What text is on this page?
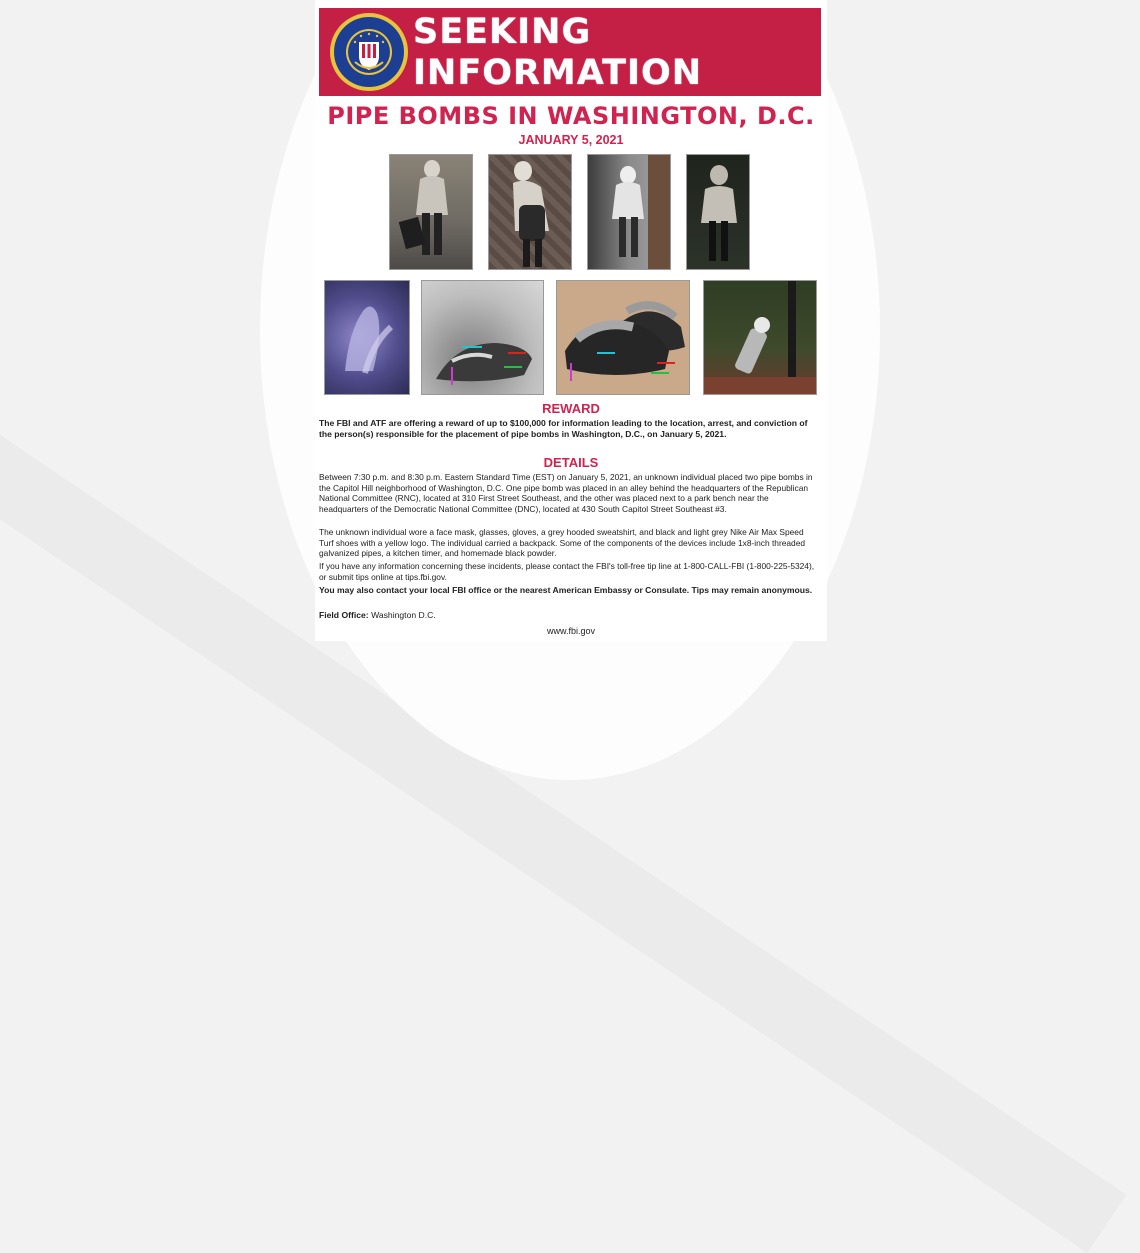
SEEKING
INFORMATION
PIPE BOMBS IN WASHINGTON, D.C.
JANUARY 5, 2021
REWARD
The FBI and ATF are offering a reward of up to $100,000 for information leading to the location, arrest, and conviction of the person(s) responsible for the placement of pipe bombs in Washington, D.C., on January 5, 2021.
DETAILS
Between 7:30 p.m. and 8:30 p.m. Eastern Standard Time (EST) on January 5, 2021, an unknown individual placed two pipe bombs in the Capitol Hill neighborhood of Washington, D.C. One pipe bomb was placed in an alley behind the headquarters of the Republican National Committee (RNC), located at 310 First Street Southeast, and the other was placed next to a park bench near the headquarters of the Democratic National Committee (DNC), located at 430 South Capitol Street Southeast #3.
The unknown individual wore a face mask, glasses, gloves, a grey hooded sweatshirt, and black and light grey Nike Air Max Speed Turf shoes with a yellow logo. The individual carried a backpack. Some of the components of the devices include 1x8-inch threaded galvanized pipes, a kitchen timer, and homemade black powder.
If you have any information concerning these incidents, please contact the FBI's toll-free tip line at 1-800-CALL-FBI (1-800-225-5324), or submit tips online at tips.fbi.gov.
You may also contact your local FBI office or the nearest American Embassy or Consulate. Tips may remain anonymous.
Field Office: Washington D.C.
www.fbi.gov
